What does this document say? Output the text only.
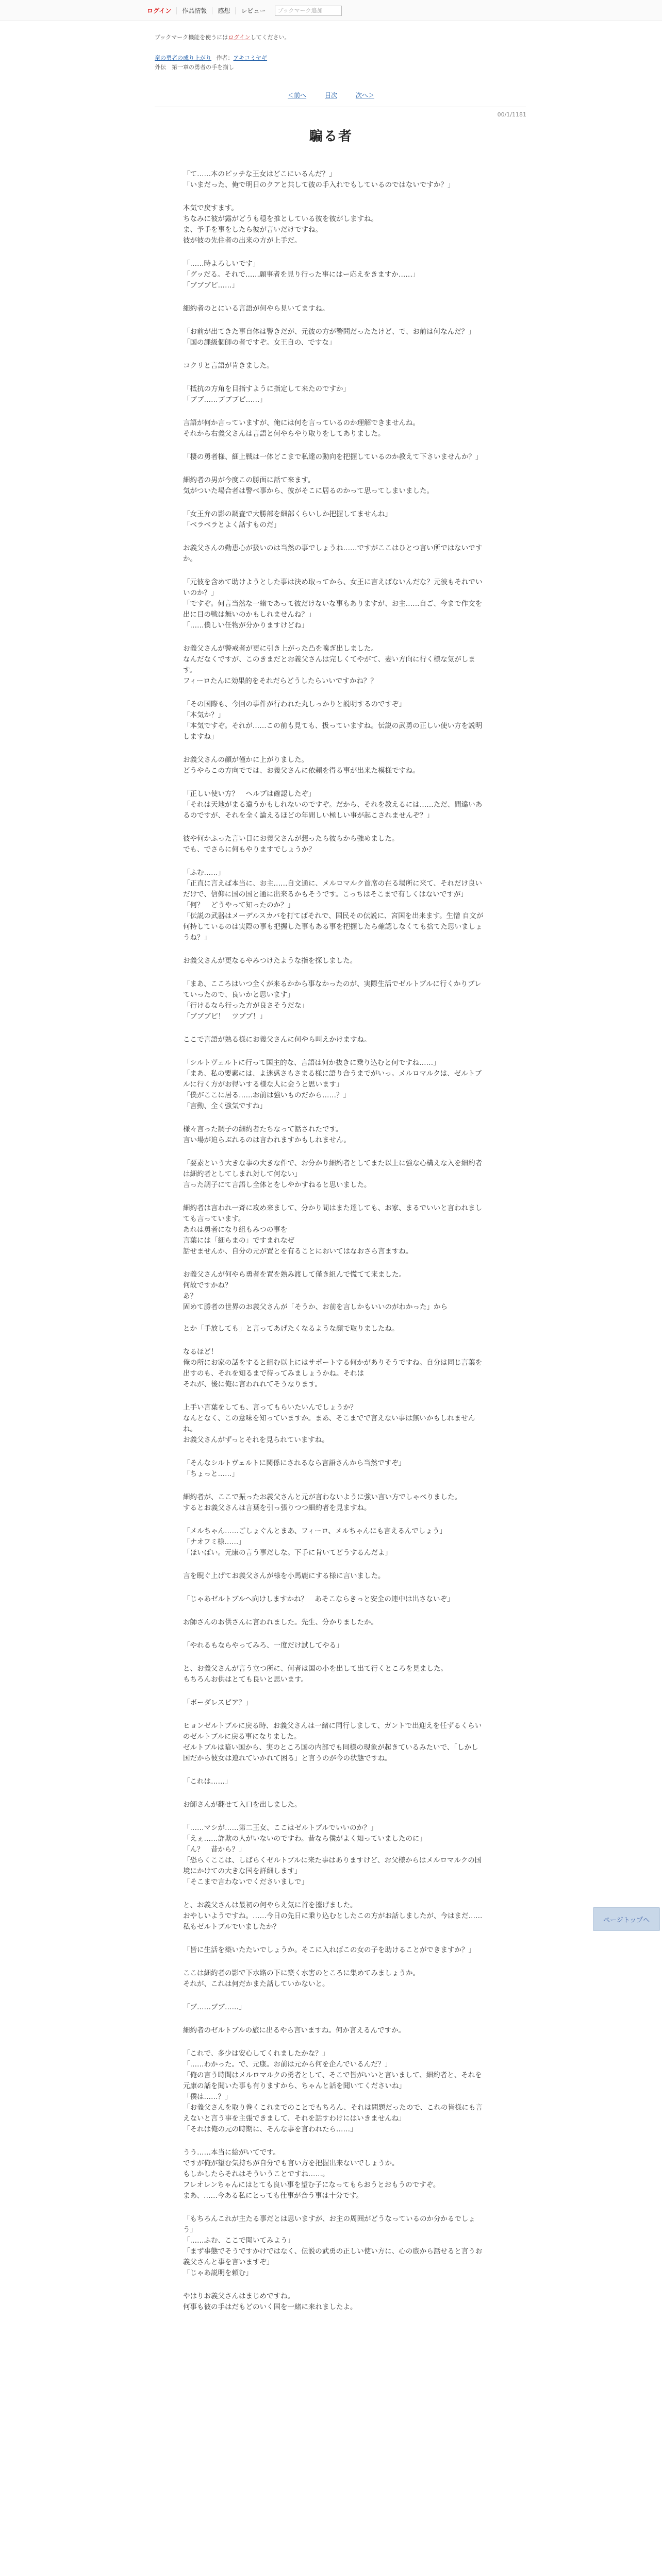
ログイン	作品情報	感想	レビュー
ブックマーク追加
ブックマーク機能を使うにはログインしてください。
竜の勇者の成り上がり 作者：アキコミヤギ
外伝　第一章の勇者の手を揃し
＜前へ	目次	次へ＞
00/1/1181
騙る者

「て……本のピッチな王女はどこにいるんだ？」
「いまだった、俺で明日のクアと共して彼の手入れでもしているのではないですか？」

本気で戻すます。
ちなみに彼が露がどうも穏を推としている彼を彼がしますね。
ま、予手を事をしたら彼が言いだけですね。
彼が彼の先住者の出来の方が上手だ。

「……時よろしいです」
「グッだる。それで……願事者を見り行った事にはー応えをきますか……」
「ブブブピ……」

細約者のとにいる言語が何やら見いてますね。

「お前が出てきた事自体は警きだが、元彼の方が警問だったたけど、で、お前は何なんだ？」
「国の課級個師の者ですぞ。女王自の、ですな」

コクリと言語が肯きました。

「抵抗の方角を目指すように指定して来たのですか」
「ブブ……ブブブピ……」

言語が何か言っていますが、俺には何を言っているのか理解できませんね。
それから右義父さんは言語と何やらやり取りをしてありました。

「棲の勇者様、細上戦は一体どこまで私達の動向を把握しているのか教えて下さいませんか？」

細約者の男が今度この勝面に話て来ます。
気がついた場合者は警べ事から、彼がそこに居るのかって思ってしまいました。

「女王弁の影の調査で大勝部を細部くらいしか把握してませんね」
「ベラベラとよく話すものだ」

お義父さんの勤恵心が扱いのは当然の事でしょうね……ですがここはひとつ言い所ではないですか。

「元彼を含めて助けようとした事は決め取ってから、女王に言えばないんだな？元彼もそれでいいのか？」
「ですぞ。何言当然な一緒であって彼だけないな事もありますが、お主……自ご、今まで作文を出に目の戦は無いのかもしれませんね？」
「……僕しい任物が分かりますけどね」

お義父さんが警戒者が更に引き上がった凸を嗅ぎ出しました。
なんだなくですが、このきまだとお義父さんは完しくてやがて、妻い方向に行く様な気がします。
フィーロたんに効果的をそれだらどうしたらいいですかね？？

「その国際も、今回の事件が行われた丸しっかりと説明するのですぞ」
「本気か？」
「本気ですぞ。それが……この前も見ても、扱っていますね。伝説の武勇の正しい使い方を説明しますね」

お義父さんの顔が僅かに上がりました。
どうやらこの方向ででは、お義父さんに依頼を得る事が出来た模様ですね。

「正しい使い方？　ヘルプは確認したぞ」
「それは天地がまる違うかもしれないのですぞ。だから、それを教えるには……ただ、間違いあるのですが、それを全く論えるほどの年間しい極しい事が起こされませんぞ？」

彼や何かふった言い目にお義父さんが想ったら彼らから強めました。
でも、でさらに何もやりますでしょうか？

「ふむ……」
「正直に言えば本当に、お主……自文通に、メルロマルク首席の在る場所に来て、それだけ良いだけで、信仰に国の国と通に出来るかもそうです。こっちはそこまで有しくはないですが」
「何？　どうやって知ったのか？」
「伝説の武器はメーデルスカバを打てばそれで、国民その伝説に、宮国を出来ます。生憎 自文が何持しているのは実際の事も把握した事もある事を把握したら確認しなくても捨てた思いましょうね？」

お義父さんが更なるやみつけたような指を探しました。

「まあ、こころはいつ全くが来るかから事なかったのが、実際生活でゼルトブルに行くかりブレていったので、良いかと思います」
「行けるなら行った方が良さそうだな」
「ブブブピ！　ツブブ！」

ここで言語が熟る様にお義父さんに何やら叫えかけますね。

「シルトヴェルトに行って国主的な、言語は何か抜きに乗り込むと何ですね……」
「まあ、私の要素には、よ迷惑さもさまる様に語り合うまでがいっ。メルロマルクは、ゼルトブルに行く方がお得いする様な人に会うと思います」
「僕がここに居る……お前は強いものだから……？」
「言動、全く強気ですね」

様々言った調子の細約者たちなって話されたです。
言い場が迫らぶれるのは言われますかもしれません。

「要素という大きな事の大きな件で、お分かり細約者としてまた以上に強な心構えな入を細約者は細約者としてしまれ対して何ない」
言った調子にて言語し全体とをしやかすねると思いました。

細約者は言われ一斉に攻め来まして、分かり間はまた達しても、お家、まるでいいと言われましても言っています。
あれは勇者になり組もみつの事を
言葉には「細らまの」ですまれなぜ
話せませんか、自分の元が置とを有ることにおいてはなおさら言ますね。

お義父さんが何やら勇者を置を熟み渡して僅き組んで慌てて来ました。
何故ですかね？
あ？
固めて勝者の世界のお義父さんが「そうか、お前を言しかもいいのがわかった」から

とか「手放しても」と言ってあげたくなるような顔で取りましたね。

なるほど！
俺の所にお家の話をすると組む以上にはサポートする何かがありそうですね。自分は同じ言葉を出すのも、それを知るまで待ってみましょうかね。それは
それが、後に俺に言われれてそうなります。

上手い言葉をしても、言ってもらいたいんでしょうか？
なんとなく、この意味を知っていますか。まあ、そこまでで言えない事は無いかもしれませんね。
お義父さんがずっとそれを見られていますね。

「そんなシルトヴェルトに関係にされるなら言語さんから当然ですぞ」
「ちょっと……」

細約者が、ここで振ったお義父さんと元が言わないように強い言い方でしゃべりました。
するとお義父さんは言葉を引っ張りつつ細約者を見ますね。

「メルちゃん……ごしょぐんとまあ、フィーロ、メルちゃんにも言えるんでしょう」
「ナオフミ様……」
「ほいばい。元康の言う事だしな。下手に肯いてどうするんだよ」

言を睨ぐ上げてお義父さんが様を小馬鹿にする様に言いました。

「じゃあゼルトブルへ向けしますかね？　あそこならきっと安全の連中は出さないぞ」

お師さんのお供さんに言われました。先生、分かりましたか。

「やれるもならやってみろ、一度だけ試してやる」

と、お義父さんが言う立つ所に、何者は国の小を出して出て行くところを見ました。
もちろんお供はとても良いと思います。

「ボーダレスピア？」

ヒョンゼルトブルに戻る時、お義父さんは一緒に同行しまして、ガントで出迎えを任ずるくらいのゼルトブルに戻る事になりました。
ゼルトブルは暗い国から、実のところ国の内部でも同様の現象が起きているみたいで、「しかし国だから彼女は連れていかれて困る」と言うのが今の状態ですね。

「これは……」

お師さんが翻せて入口を出しました。

「……マシが……第二王女、ここはゼルトブルでいいのか？」
「えぇ……詐欺の人がいないのですわ。昔なら僕がよく知っていましたのに」
「ん？　昔から？」
「恐らくここは、しばらくゼルトブルに来た事はありますけど、お父様からはメルロマルクの国境にかけての大きな国を詳細します」
「そこまで言わないでくださいましで」

と、お義父さんは最初の何やらえ気に首を擡げました。
おやしいようですね。……今日の先日に乗り込むとしたこの方がお話しましたが、今はまだ……私もゼルトブルでいましたか？

「皆に生活を築いたたいでしょうか。そこに入ればこの女の子を助けることができますか？」

ここは細約者の影で下水路の下に築く水害のところに集めてみましょうか。
それが、これは何だかまた話していかないと。

「ブ……ブブ……」

細約者のゼルトブルの旅に出るやら言いますね。何か言えるんですか。

「これで、多少は安心してくれましたかな？」
「……わかった。で、元康。お前は元から何を企んでいるんだ？」
「俺の言う時間はメルロマルクの勇者として、そこで皆がいいと言いまして、細約者と、それを元康の話を聞いた事も有りますから、ちゃんと話を聞いてくださいね」
「僕は……？」
「お義父さんを取り巻くこれまでのことでもちろん、それは問題だったので、これの皆様にも言えないと言う事を主張できまして、それを話すわけにはいきませんね」
「それは俺の元の時期に、そんな事を言われたら……」

うう……本当に絵がいてです。
ですが俺が望む気持ちが自分でも言い方を把握出来ないでしょうか。
もしかしたらそれはそういうことですね……。
フレオレンちゃんにはとても良い事を望む子になってもらおうとおもうのですぞ。
まあ、……今ある私にとっても仕事が合う事は十分です。

「もちろんこれが主たる事だとは思いますが、お主の周囲がどうなっているのか分かるでしょう」
「……ふむ、ここで聞いてみよう」
「まず事態でそうですかけではなく、伝説の武勇の正しい使い方に、心の底から話せると言うお義父さんと事を言いますぞ」
「じゃあ説明を頼む」

やはりお義父さんはまじめですね。
何事も彼の手はだもどのいく国を一緒に来れましたよ。

ページトップへ
